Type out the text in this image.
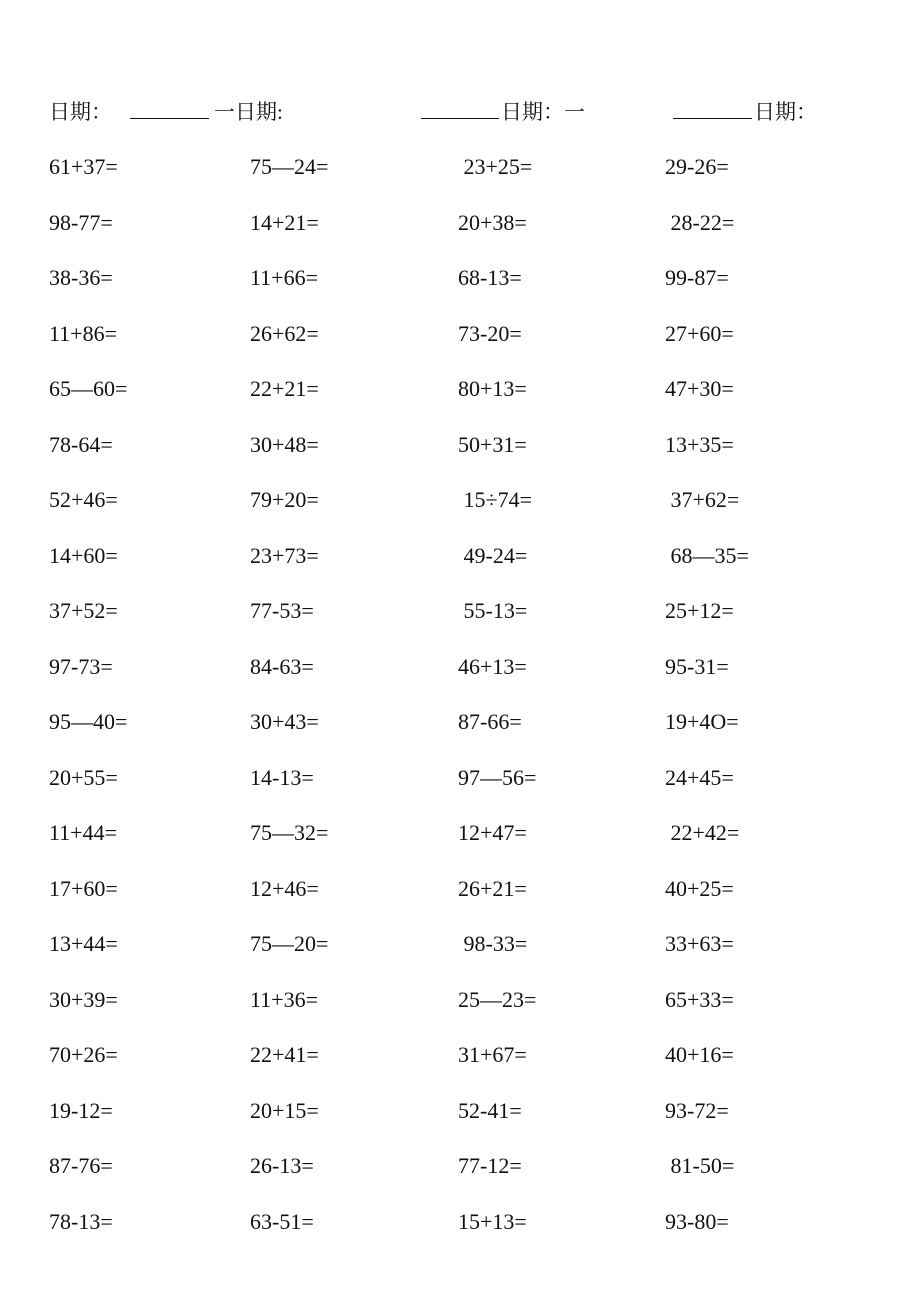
日期：	一日期:	日期：一	日期：
61+37=	75—24=	23+25=	29-26=
98-77=	14+21=	20+38=	28-22=
38-36=	11+66=	68-13=	99-87=
11+86=	26+62=	73-20=	27+60=
65—60=	22+21=	80+13=	47+30=
78-64=	30+48=	50+31=	13+35=
52+46=	79+20=	15÷74=	37+62=
14+60=	23+73=	49-24=	68—35=
37+52=	77-53=	55-13=	25+12=
97-73=	84-63=	46+13=	95-31=
95—40=	30+43=	87-66=	19+4O=
20+55=	14-13=	97—56=	24+45=
11+44=	75—32=	12+47=	22+42=
17+60=	12+46=	26+21=	40+25=
13+44=	75—20=	98-33=	33+63=
30+39=	11+36=	25—23=	65+33=
70+26=	22+41=	31+67=	40+16=
19-12=	20+15=	52-41=	93-72=
87-76=	26-13=	77-12=	81-50=
78-13=	63-51=	15+13=	93-80=
